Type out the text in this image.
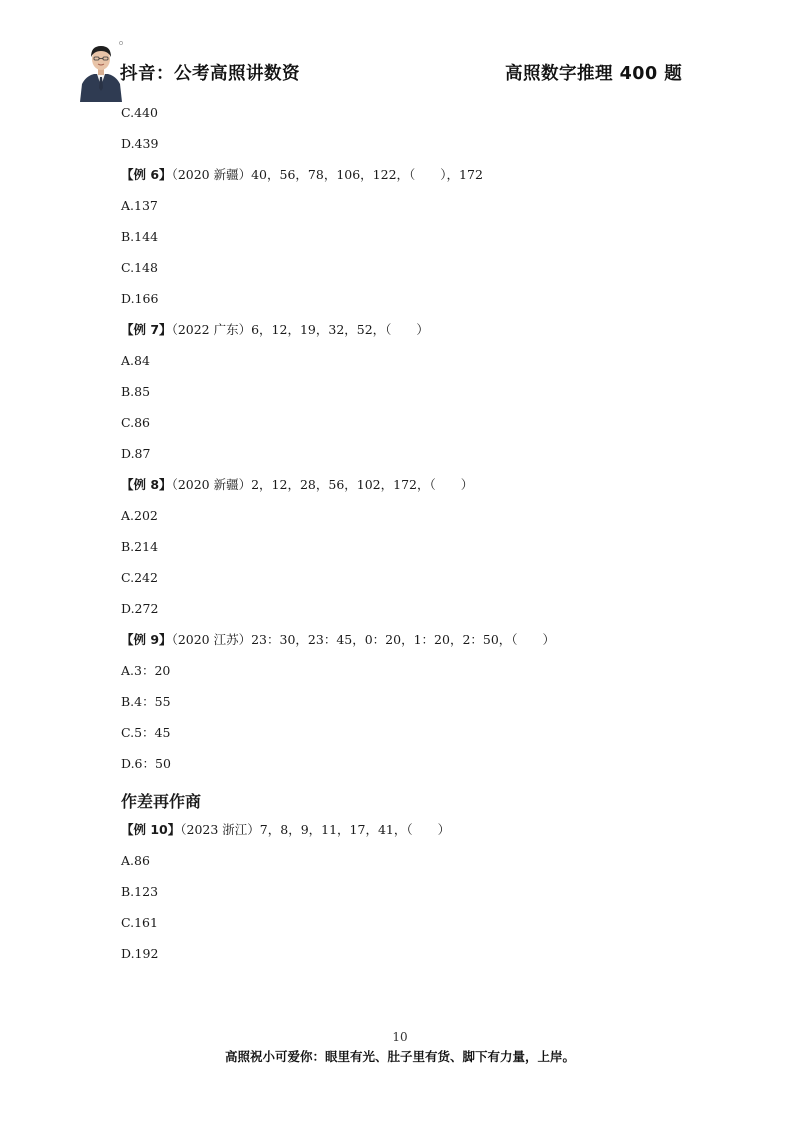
抖音：公考高照讲数资	高照数字推理 400 题
C.440
D.439
【例 6】（2020 新疆）40，56，78，106，122，（　　），172
A.137
B.144
C.148
D.166
【例 7】（2022 广东）6，12，19，32，52，（　　）
A.84
B.85
C.86
D.87
【例 8】（2020 新疆）2，12，28，56，102，172，（　　）
A.202
B.214
C.242
D.272
【例 9】（2020 江苏）23：30，23：45，0：20，1：20，2：50，（　　）
A.3：20
B.4：55
C.5：45
D.6：50
作差再作商
【例 10】（2023 浙江）7，8，9，11，17，41，（　　）
A.86
B.123
C.161
D.192
10
高照祝小可爱你：眼里有光、肚子里有货、脚下有力量，上岸。
